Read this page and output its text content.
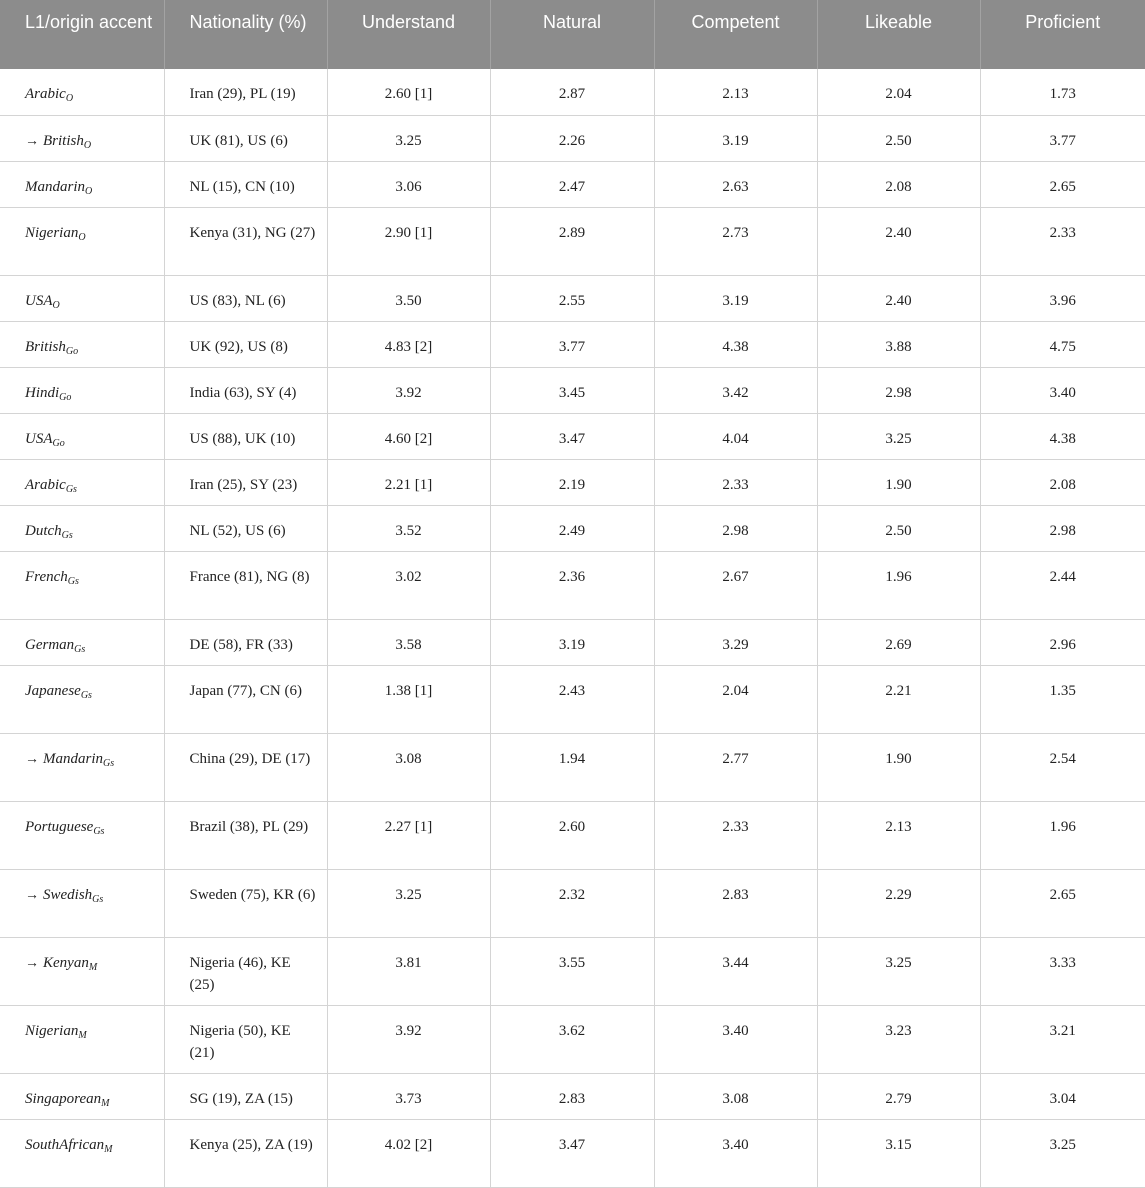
L1/origin accent	Nationality (%)	Understand	Natural	Competent	Likeable	Proficient
Arabic$_O$	Iran (29), PL (19)	2.60 [1]	2.87	2.13	2.04	1.73
→ British$_O$	UK (81), US (6)	3.25	2.26	3.19	2.50	3.77
Mandarin$_O$	NL (15), CN (10)	3.06	2.47	2.63	2.08	2.65
Nigerian$_O$	Kenya (31), NG (27)	2.90 [1]	2.89	2.73	2.40	2.33
$USA_O$	US (83), NL (6)	3.50	2.55	3.19	2.40	3.96
British$_{Go}$	UK (92), US (8)	4.83 [2]	3.77	4.38	3.88	4.75
Hindi$_{Go}$	India (63), SY (4)	3.92	3.45	3.42	2.98	3.40
$USA_{Go}$	US (88), UK (10)	4.60 [2]	3.47	4.04	3.25	4.38
Arabic$_{Gs}$	Iran (25), SY (23)	2.21 [1]	2.19	2.33	1.90	2.08
Dutch$_{Gs}$	NL (52), US (6)	3.52	2.49	2.98	2.50	2.98
French$_{Gs}$	France (81), NG (8)	3.02	2.36	2.67	1.96	2.44
German$_{Gs}$	DE (58), FR (33)	3.58	3.19	3.29	2.69	2.96
Japanese$_{Gs}$	Japan (77), CN (6)	1.38 [1]	2.43	2.04	2.21	1.35
→ Mandarin$_{Gs}$	China (29), DE (17)	3.08	1.94	2.77	1.90	2.54
Portuguese$_{Gs}$	Brazil (38), PL (29)	2.27 [1]	2.60	2.33	2.13	1.96
→ Swedish$_{Gs}$	Sweden (75), KR (6)	3.25	2.32	2.83	2.29	2.65
→ Kenyan$_M$	Nigeria (46), KE (25)	3.81	3.55	3.44	3.25	3.33
Nigerian$_M$	Nigeria (50), KE (21)	3.92	3.62	3.40	3.23	3.21
Singaporean$_M$	SG (19), ZA (15)	3.73	2.83	3.08	2.79	3.04
SouthAfrican$_M$	Kenya (25), ZA (19)	4.02 [2]	3.47	3.40	3.15	3.25
